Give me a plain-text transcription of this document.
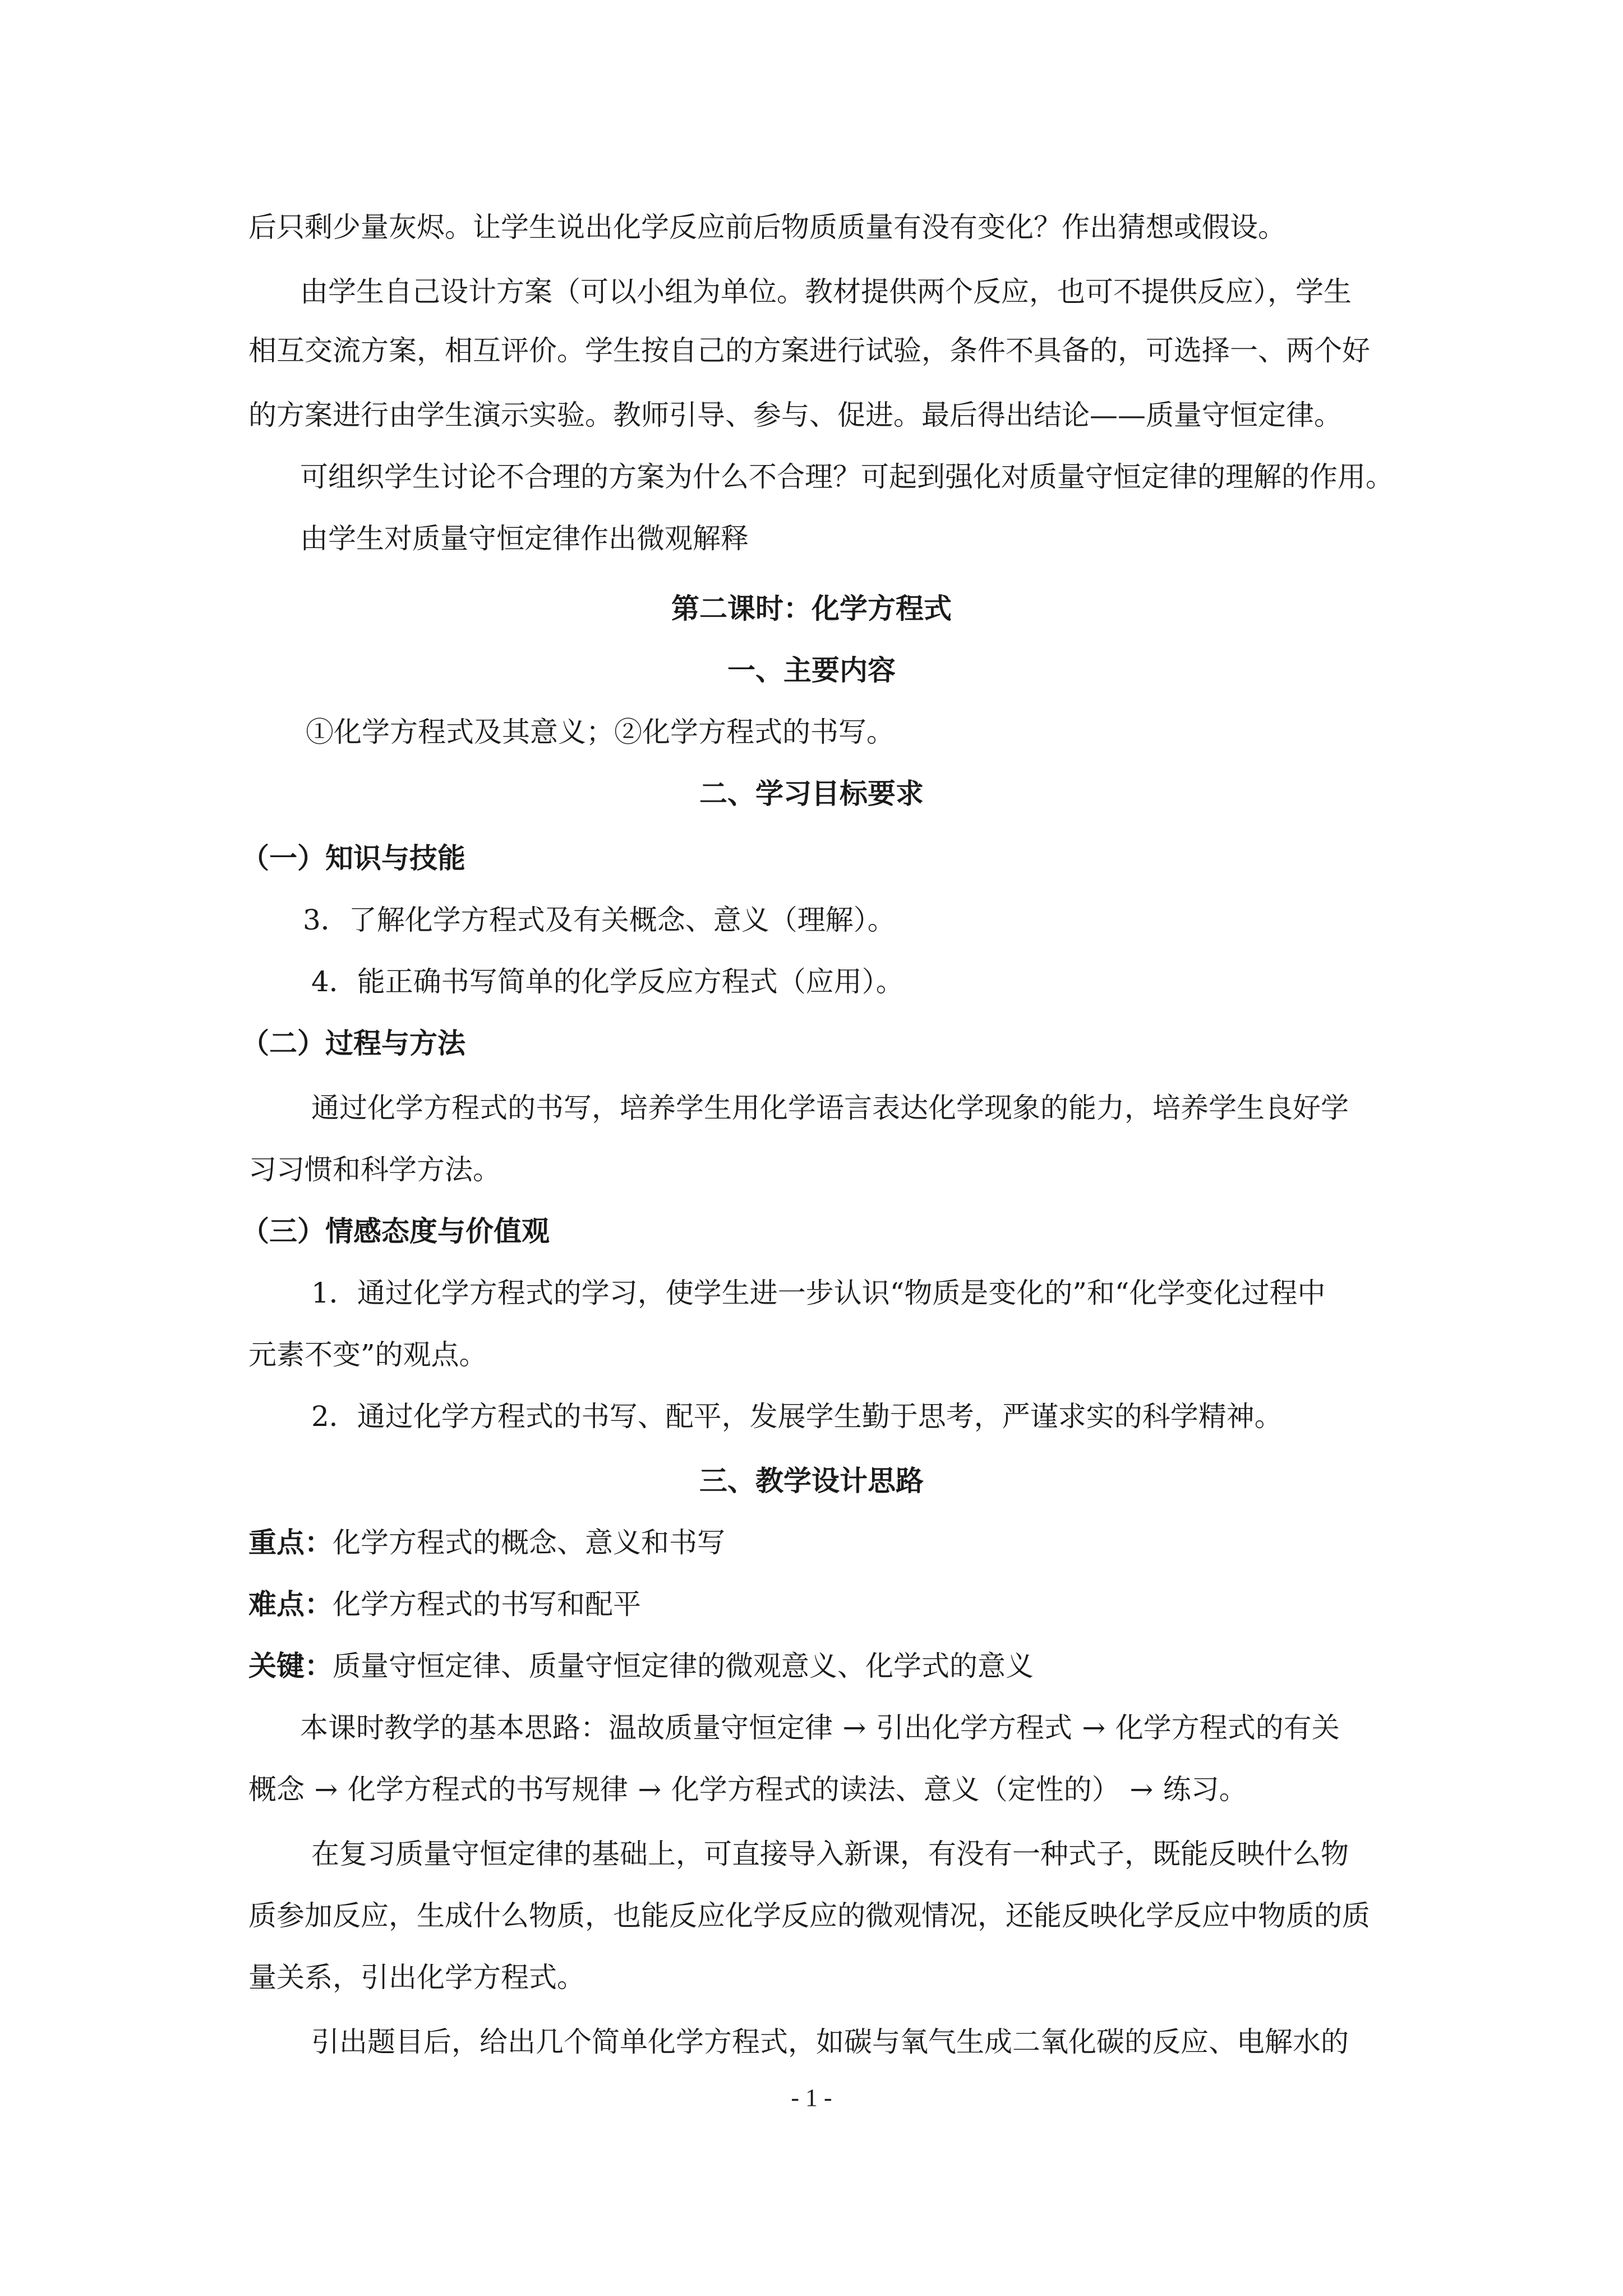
后只剩少量灰烬。让学生说出化学反应前后物质质量有没有变化？作出猜想或假设。
由学生自己设计方案（可以小组为单位。教材提供两个反应，也可不提供反应），学生
相互交流方案，相互评价。学生按自己的方案进行试验，条件不具备的，可选择一、两个好
的方案进行由学生演示实验。教师引导、参与、促进。最后得出结论——质量守恒定律。
可组织学生讨论不合理的方案为什么不合理？可起到强化对质量守恒定律的理解的作用。
由学生对质量守恒定律作出微观解释
第二课时：化学方程式
一、主要内容
①化学方程式及其意义；②化学方程式的书写。
二、学习目标要求
（一）知识与技能
3．了解化学方程式及有关概念、意义（理解）。
4．能正确书写简单的化学反应方程式（应用）。
（二）过程与方法
通过化学方程式的书写，培养学生用化学语言表达化学现象的能力，培养学生良好学
习习惯和科学方法。
（三）情感态度与价值观
1．通过化学方程式的学习，使学生进一步认识“物质是变化的”和“化学变化过程中
元素不变”的观点。
2．通过化学方程式的书写、配平，发展学生勤于思考，严谨求实的科学精神。
三、教学设计思路
重点：化学方程式的概念、意义和书写
难点：化学方程式的书写和配平
关键：质量守恒定律、质量守恒定律的微观意义、化学式的意义
本课时教学的基本思路：温故质量守恒定律 → 引出化学方程式 → 化学方程式的有关
概念 → 化学方程式的书写规律 → 化学方程式的读法、意义（定性的） → 练习。
在复习质量守恒定律的基础上，可直接导入新课，有没有一种式子，既能反映什么物
质参加反应，生成什么物质，也能反应化学反应的微观情况，还能反映化学反应中物质的质
量关系，引出化学方程式。
引出题目后，给出几个简单化学方程式，如碳与氧气生成二氧化碳的反应、电解水的
- 1 -
